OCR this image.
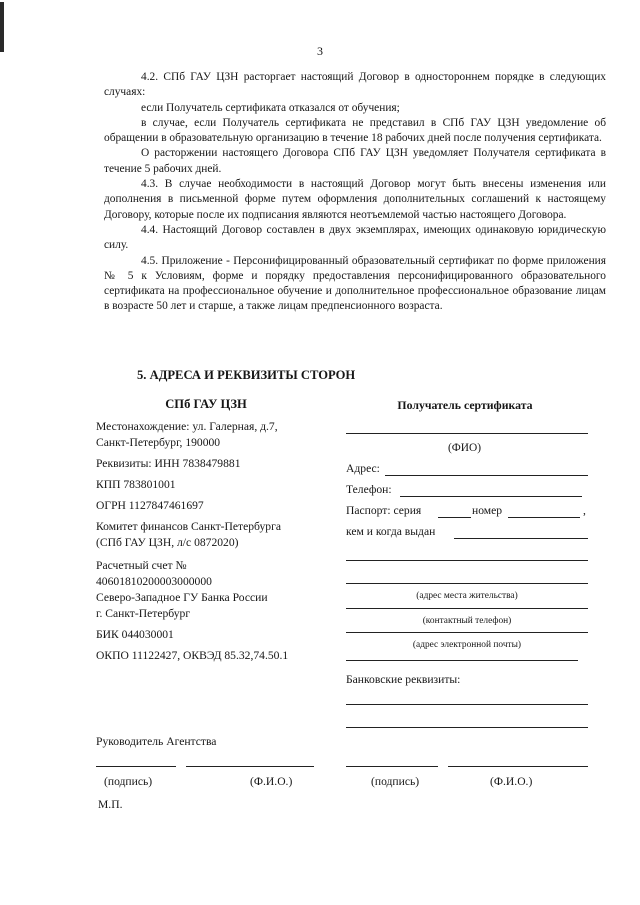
3

4.2. СПб ГАУ ЦЗН расторгает настоящий Договор в одностороннем порядке в следующих случаях:

если Получатель сертификата отказался от обучения;

в случае, если Получатель сертификата не представил в СПб ГАУ ЦЗН уведомление об обращении в образовательную организацию в течение 18 рабочих дней после получения сертификата.

О расторжении настоящего Договора СПб ГАУ ЦЗН уведомляет Получателя сертификата в течение 5 рабочих дней.

4.3. В случае необходимости в настоящий Договор могут быть внесены изменения или дополнения в письменной форме путем оформления дополнительных соглашений к настоящему Договору, которые после их подписания являются неотъемлемой частью настоящего Договора.

4.4. Настоящий Договор составлен в двух экземплярах, имеющих одинаковую юридическую силу.

4.5. Приложение - Персонифицированный образовательный сертификат по форме приложения № 5 к Условиям, форме и порядку предоставления персонифицированного образовательного сертификата на профессиональное обучение и дополнительное профессиональное образование лицам в возрасте 50 лет и старше, а также лицам предпенсионного возраста.

5. АДРЕСА И РЕКВИЗИТЫ СТОРОН
СПб ГАУ ЦЗН
Местонахождение: ул. Галерная, д.7,
Санкт-Петербург, 190000
Реквизиты: ИНН 7838479881
КПП 783801001
ОГРН 1127847461697
Комитет финансов Санкт-Петербурга
(СПб ГАУ ЦЗН, л/с 0872020)
Расчетный счет №
40601810200003000000
Северо-Западное ГУ Банка России
г. Санкт-Петербург
БИК 044030001
ОКПО 11122427, ОКВЭД 85.32,74.50.1
Получатель сертификата
(ФИО)
Адрес:
Телефон:
Паспорт: серия	номер	,
кем и когда выдан
(адрес места жительства)
(контактный телефон)
(адрес электронной почты)
Банковские реквизиты:
Руководитель Агентства
(подпись)	(Ф.И.О.)	(подпись)	(Ф.И.О.)
М.П.
